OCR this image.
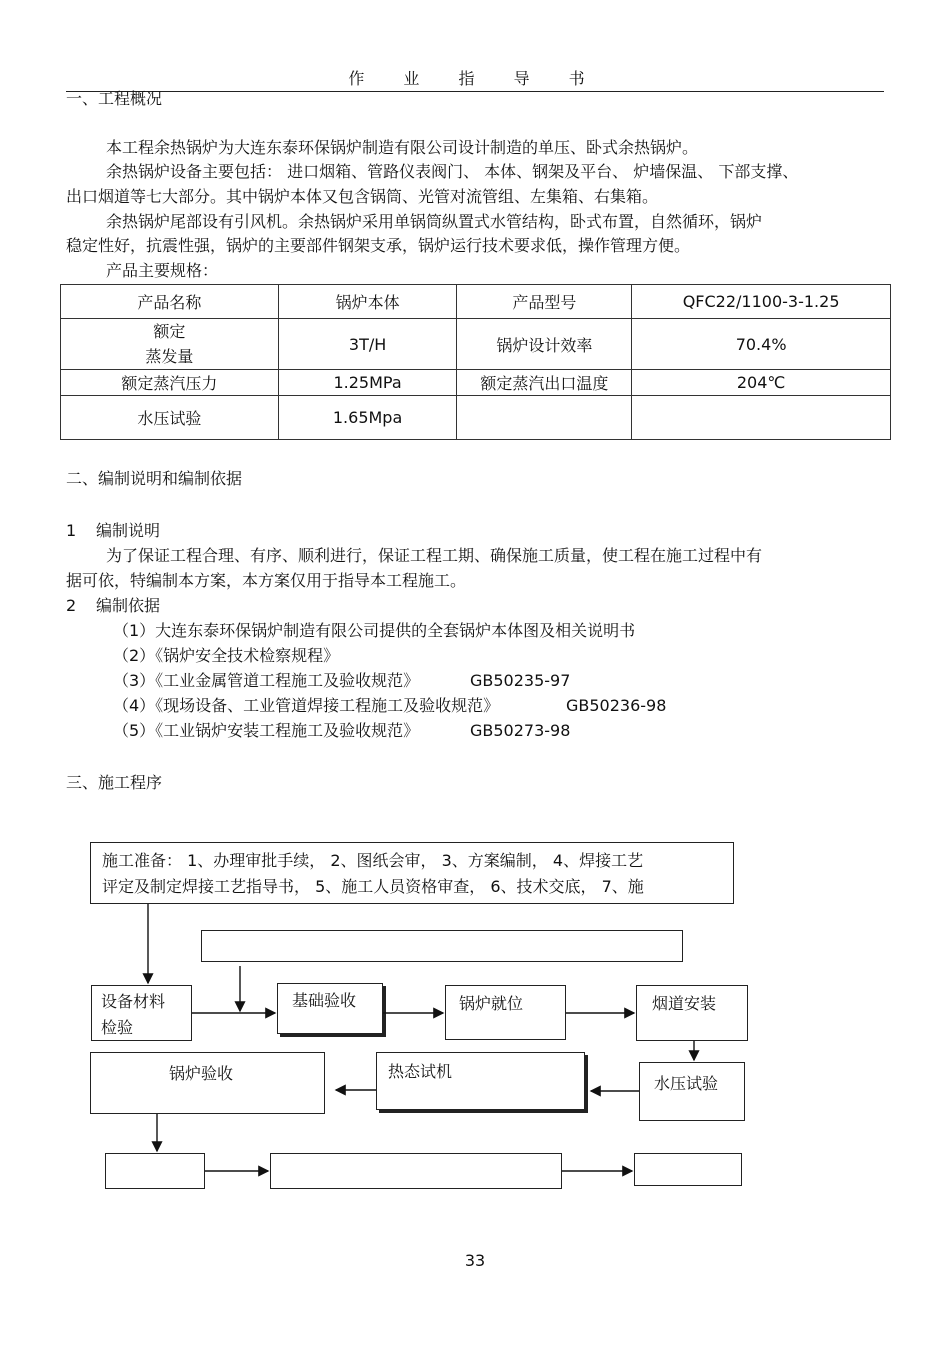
作 业 指 导 书
一、工程概况
本工程余热锅炉为大连东泰环保锅炉制造有限公司设计制造的单压、卧式余热锅炉。
余热锅炉设备主要包括： 进口烟箱、管路仪表阀门、 本体、钢架及平台、 炉墙保温、 下部支撑、
出口烟道等七大部分。其中锅炉本体又包含锅筒、光管对流管组、左集箱、右集箱。
余热锅炉尾部设有引风机。余热锅炉采用单锅筒纵置式水管结构，卧式布置，自然循环，锅炉
稳定性好，抗震性强，锅炉的主要部件钢架支承，锅炉运行技术要求低，操作管理方便。
产品主要规格：
产品名称	锅炉本体	产品型号	QFC22/1100-3-1.25
额定
蒸发量	3T/H	锅炉设计效率	70.4%
额定蒸汽压力	1.25MPa	额定蒸汽出口温度	204℃
水压试验	1.65Mpa		
二、编制说明和编制依据
1 编制说明
为了保证工程合理、有序、顺利进行，保证工程工期、确保施工质量，使工程在施工过程中有
据可依，特编制本方案，本方案仅用于指导本工程施工。
2 编制依据
（1）大连东泰环保锅炉制造有限公司提供的全套锅炉本体图及相关说明书
（2）《锅炉安全技术检察规程》
（3）《工业金属管道工程施工及验收规范》	GB50235-97
（4）《现场设备、工业管道焊接工程施工及验收规范》	GB50236-98
（5）《工业锅炉安装工程施工及验收规范》	GB50273-98
三、施工程序
施工准备： 1、办理审批手续， 2、图纸会审， 3、方案编制， 4、焊接工艺
评定及制定焊接工艺指导书， 5、施工人员资格审查， 6、技术交底， 7、施
设备材料
检验
基础验收	锅炉就位	烟道安装
锅炉验收	热态试机
水压试验
33
